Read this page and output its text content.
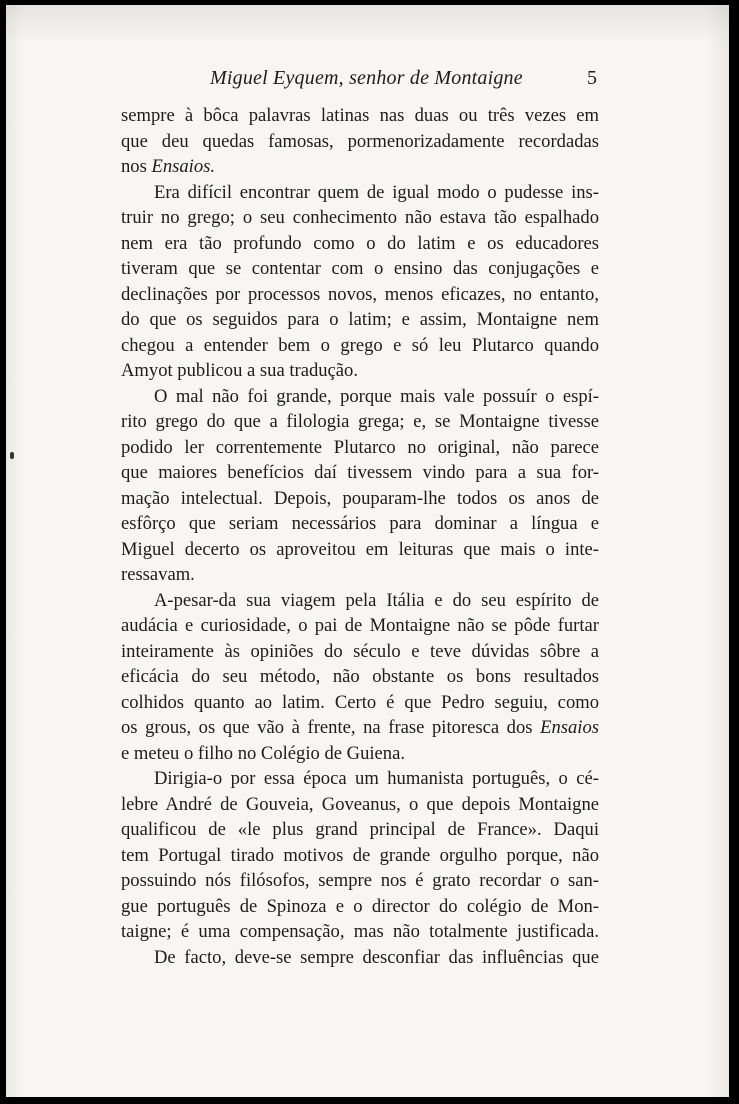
Miguel Eyquem, senhor de Montaigne	5
sempre à bôca palavras latinas nas duas ou três vezes em
que deu quedas famosas, pormenorizadamente recordadas
nos Ensaios.
Era difícil encontrar quem de igual modo o pudesse ins-
truir no grego; o seu conhecimento não estava tão espalhado
nem era tão profundo como o do latim e os educadores
tiveram que se contentar com o ensino das conjugações e
declinações por processos novos, menos eficazes, no entanto,
do que os seguidos para o latim; e assim, Montaigne nem
chegou a entender bem o grego e só leu Plutarco quando
Amyot publicou a sua tradução.
O mal não foi grande, porque mais vale possuír o espí-
rito grego do que a filologia grega; e, se Montaigne tivesse
podido ler correntemente Plutarco no original, não parece
que maiores benefícios daí tivessem vindo para a sua for-
mação intelectual. Depois, pouparam-lhe todos os anos de
esfôrço que seriam necessários para dominar a língua e
Miguel decerto os aproveitou em leituras que mais o inte-
ressavam.
A-pesar-da sua viagem pela Itália e do seu espírito de
audácia e curiosidade, o pai de Montaigne não se pôde furtar
inteiramente às opiniões do século e teve dúvidas sôbre a
eficácia do seu método, não obstante os bons resultados
colhidos quanto ao latim. Certo é que Pedro seguiu, como
os grous, os que vão à frente, na frase pitoresca dos Ensaios
e meteu o filho no Colégio de Guiena.
Dirigia-o por essa época um humanista português, o cé-
lebre André de Gouveia, Goveanus, o que depois Montaigne
qualificou de «le plus grand principal de France». Daqui
tem Portugal tirado motivos de grande orgulho porque, não
possuindo nós filósofos, sempre nos é grato recordar o san-
gue português de Spinoza e o director do colégio de Mon-
taigne; é uma compensação, mas não totalmente justificada.
De facto, deve-se sempre desconfiar das influências que
